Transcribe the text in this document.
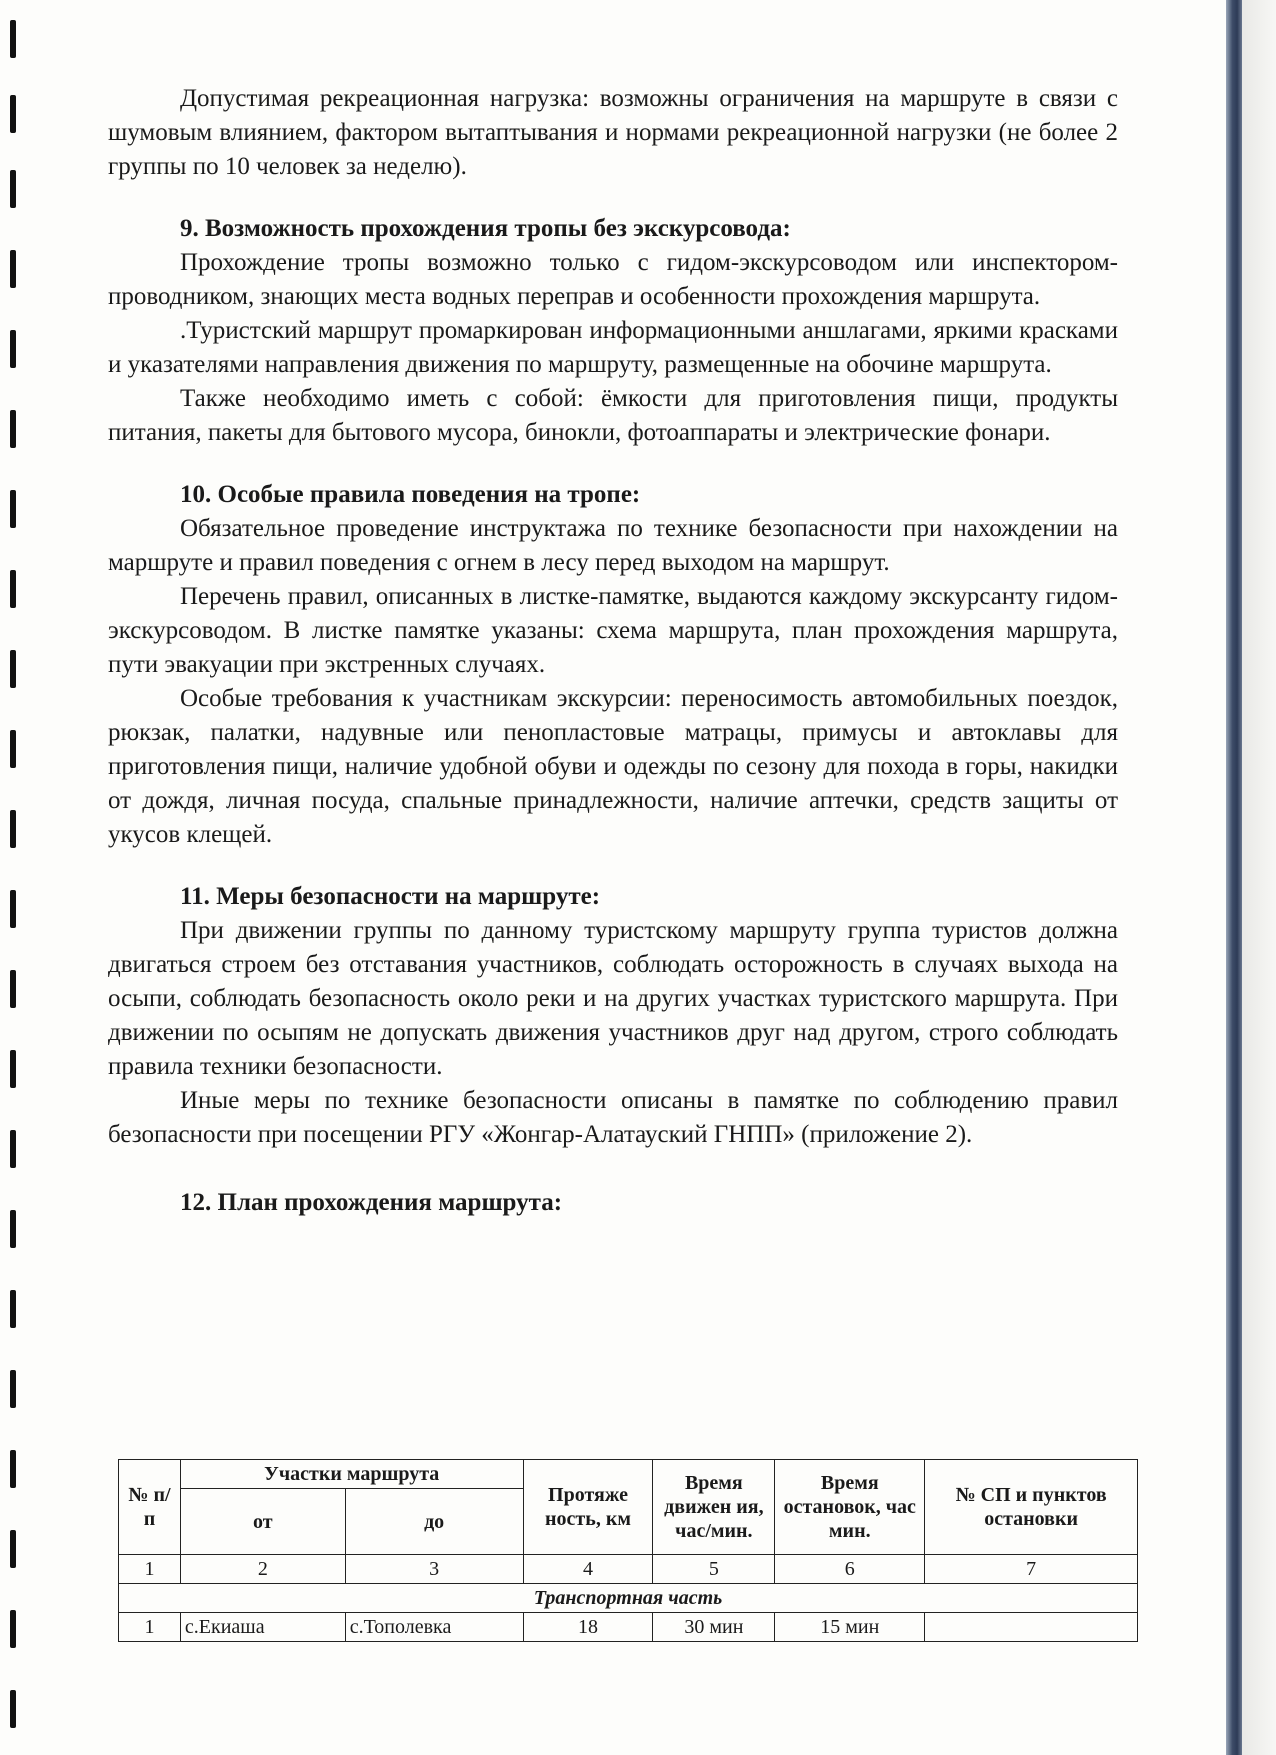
Допустимая рекреационная нагрузка: возможны ограничения на маршруте в связи с шумовым влиянием, фактором вытаптывания и нормами рекреационной нагрузки (не более 2 группы по 10 человек за неделю).

9. Возможность прохождения тропы без экскурсовода:

Прохождение тропы возможно только с гидом-экскурсоводом или инспектором-проводником, знающих места водных переправ и особенности прохождения маршрута.

.Туристский маршрут промаркирован информационными аншлагами, яркими красками и указателями направления движения по маршруту, размещенные на обочине маршрута.

Также необходимо иметь с собой: ёмкости для приготовления пищи, продукты питания, пакеты для бытового мусора, бинокли, фотоаппараты и электрические фонари.

10. Особые правила поведения на тропе:

Обязательное проведение инструктажа по технике безопасности при нахождении на маршруте и правил поведения с огнем в лесу перед выходом на маршрут.

Перечень правил, описанных в листке-памятке, выдаются каждому экскурсанту гидом-экскурсоводом. В листке памятке указаны: схема маршрута, план прохождения маршрута, пути эвакуации при экстренных случаях.

Особые требования к участникам экскурсии: переносимость автомобильных поездок, рюкзак, палатки, надувные или пенопластовые матрацы, примусы и автоклавы для приготовления пищи, наличие удобной обуви и одежды по сезону для похода в горы, накидки от дождя, личная посуда, спальные принадлежности, наличие аптечки, средств защиты от укусов клещей.

11. Меры безопасности на маршруте:

При движении группы по данному туристскому маршруту группа туристов должна двигаться строем без отставания участников, соблюдать осторожность в случаях выхода на осыпи, соблюдать безопасность около реки и на других участках туристского маршрута. При движении по осыпям не допускать движения участников друг над другом, строго соблюдать правила техники безопасности.

Иные меры по технике безопасности описаны в памятке по соблюдению правил безопасности при посещении РГУ «Жонгар-Алатауский ГНПП» (приложение 2).

12. План прохождения маршрута:

№ п/п	Участки маршрута		Протяже ность, км	Время движен ия, час/мин.	Время остановок, час мин.	№ СП и пунктов остановки
	от	до				
1	2	3	4	5	6	7
Транспортная часть						
1	с.Екиаша	с.Тополевка	18	30 мин	15 мин	
